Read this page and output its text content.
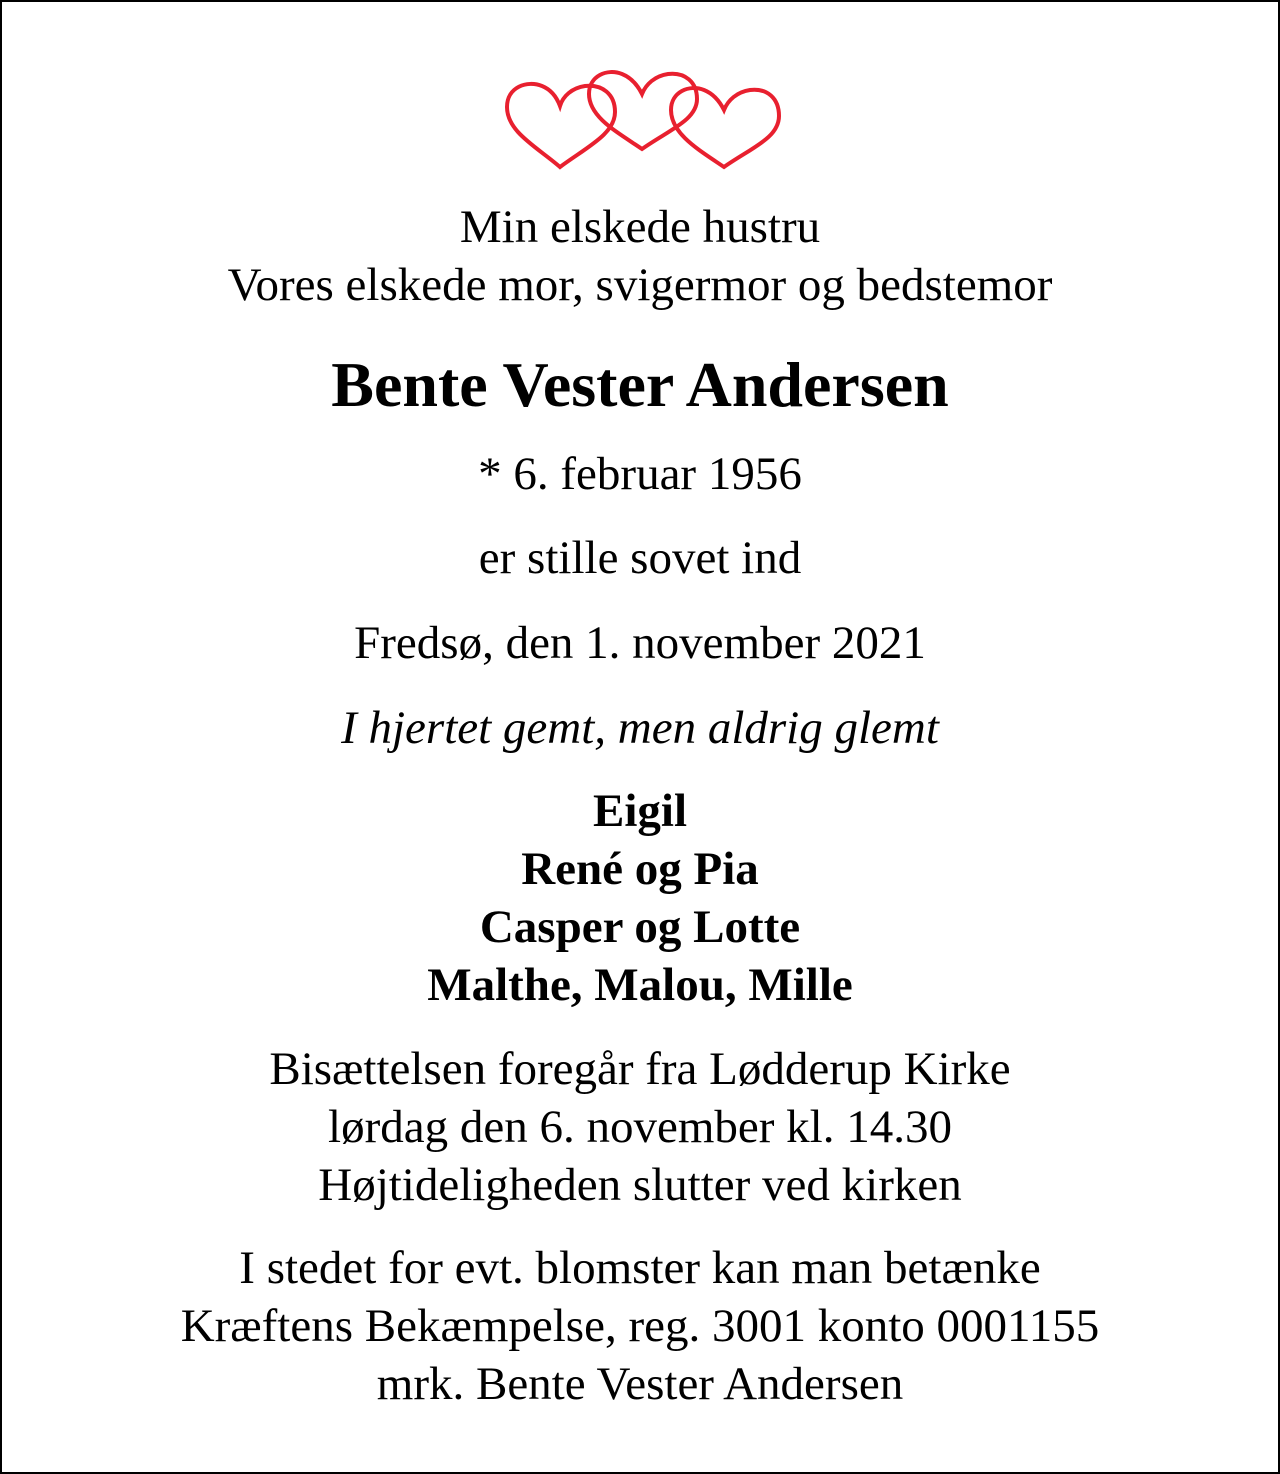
Min elskede hustru
Vores elskede mor, svigermor og bedstemor
Bente Vester Andersen
* 6. februar 1956
er stille sovet ind
Fredsø, den 1. november 2021
I hjertet gemt, men aldrig glemt
Eigil
René og Pia
Casper og Lotte
Malthe, Malou, Mille
Bisættelsen foregår fra Lødderup Kirke
lørdag den 6. november kl. 14.30
Højtideligheden slutter ved kirken
I stedet for evt. blomster kan man betænke
Kræftens Bekæmpelse, reg. 3001 konto 0001155
mrk. Bente Vester Andersen
